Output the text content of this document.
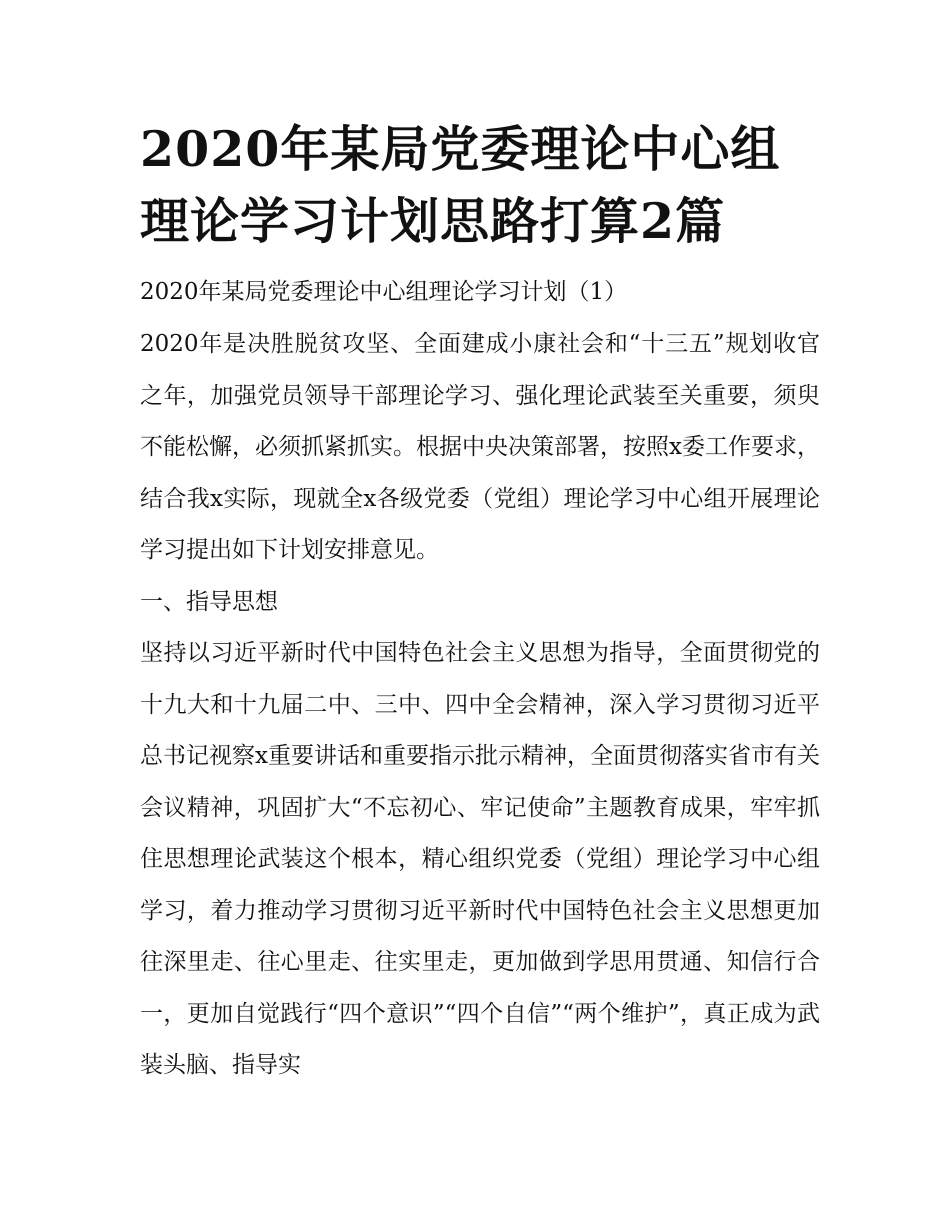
2020年某局党委理论中心组理论学习计划思路打算2篇

2020年某局党委理论中心组理论学习计划（1）

2020年是决胜脱贫攻坚、全面建成小康社会和“十三五”规划收官之年，加强党员领导干部理论学习、强化理论武装至关重要，须臾不能松懈，必须抓紧抓实。根据中央决策部署，按照x委工作要求，结合我x实际，现就全x各级党委（党组）理论学习中心组开展理论学习提出如下计划安排意见。

一、指导思想

坚持以习近平新时代中国特色社会主义思想为指导，全面贯彻党的十九大和十九届二中、三中、四中全会精神，深入学习贯彻习近平总书记视察x重要讲话和重要指示批示精神，全面贯彻落实省市有关会议精神，巩固扩大“不忘初心、牢记使命”主题教育成果，牢牢抓住思想理论武装这个根本，精心组织党委（党组）理论学习中心组学习，着力推动学习贯彻习近平新时代中国特色社会主义思想更加往深里走、往心里走、往实里走，更加做到学思用贯通、知信行合一，更加自觉践行“四个意识”“四个自信”“两个维护”，真正成为武装头脑、指导实
